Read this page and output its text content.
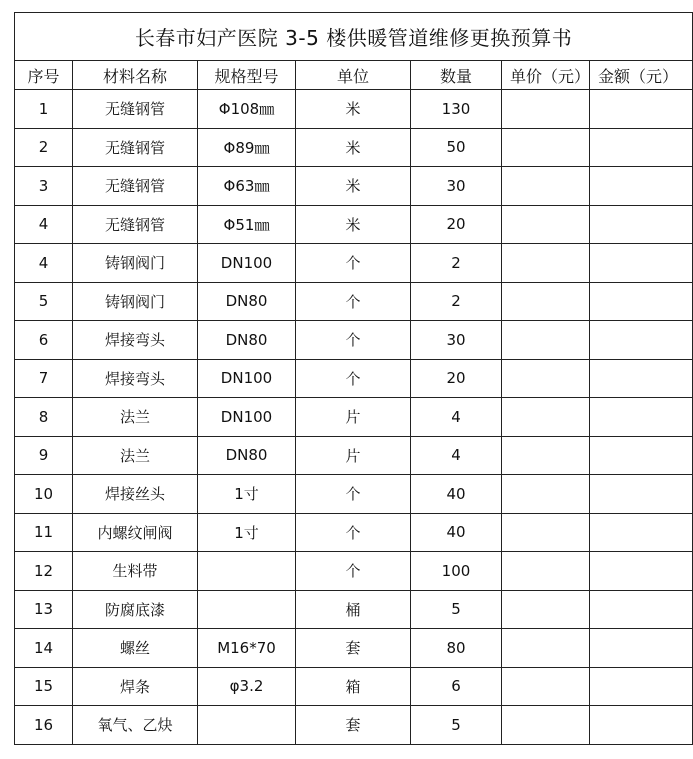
长春市妇产医院 3-5 楼供暖管道维修更换预算书						
序号	材料名称	规格型号	单位	数量	单价（元）	金额（元）
1	无缝钢管	Φ108㎜	米	130		
2	无缝钢管	Φ89㎜	米	50		
3	无缝钢管	Φ63㎜	米	30		
4	无缝钢管	Φ51㎜	米	20		
4	铸钢阀门	DN100	个	2		
5	铸钢阀门	DN80	个	2		
6	焊接弯头	DN80	个	30		
7	焊接弯头	DN100	个	20		
8	法兰	DN100	片	4		
9	法兰	DN80	片	4		
10	焊接丝头	1寸	个	40		
11	内螺纹闸阀	1寸	个	40		
12	生料带		个	100		
13	防腐底漆		桶	5		
14	螺丝	M16*70	套	80		
15	焊条	φ3.2	箱	6		
16	氧气、乙炔		套	5		
